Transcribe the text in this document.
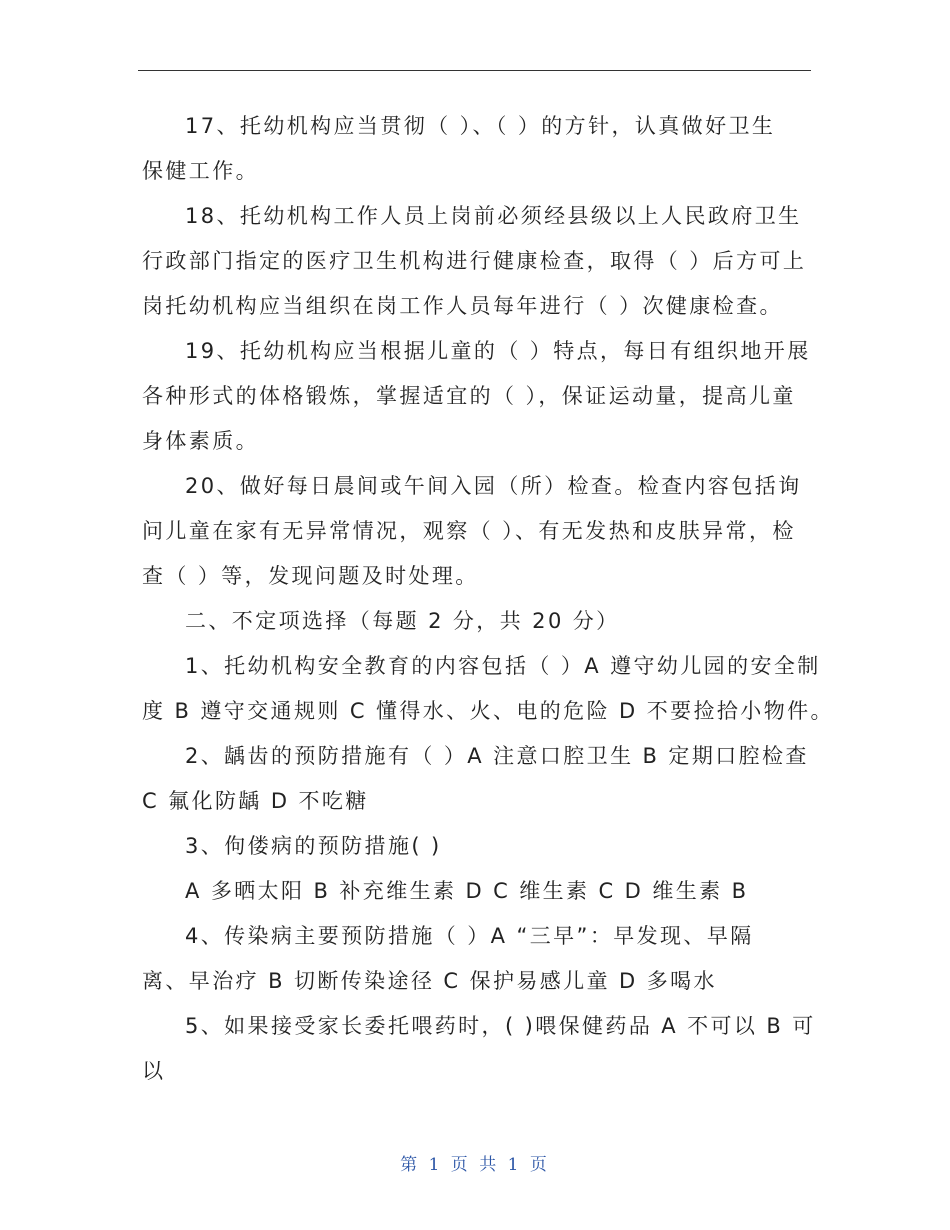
17、托幼机构应当贯彻（ ）、（ ）的方针，认真做好卫生
保健工作。
18、托幼机构工作人员上岗前必须经县级以上人民政府卫生
行政部门指定的医疗卫生机构进行健康检查，取得（ ）后方可上
岗托幼机构应当组织在岗工作人员每年进行（ ）次健康检查。
19、托幼机构应当根据儿童的（ ）特点，每日有组织地开展
各种形式的体格锻炼，掌握适宜的（ ），保证运动量，提高儿童
身体素质。
20、做好每日晨间或午间入园（所）检查。检查内容包括询
问儿童在家有无异常情况，观察（ ）、有无发热和皮肤异常，检
查（ ）等，发现问题及时处理。
二、不定项选择（每题 2 分，共 20 分）
1、托幼机构安全教育的内容包括（ ）A 遵守幼儿园的安全制
度 B 遵守交通规则 C 懂得水、火、电的危险 D 不要捡拾小物件。
2、龋齿的预防措施有（ ）A 注意口腔卫生 B 定期口腔检查
C 氟化防龋 D 不吃糖
3、佝偻病的预防措施( )
A 多晒太阳 B 补充维生素 D C 维生素 C D 维生素 B
4、传染病主要预防措施（ ）A “三早”：早发现、早隔
离、早治疗 B 切断传染途径 C 保护易感儿童 D 多喝水
5、如果接受家长委托喂药时，( )喂保健药品 A 不可以 B 可
以
第 1 页 共 1 页
